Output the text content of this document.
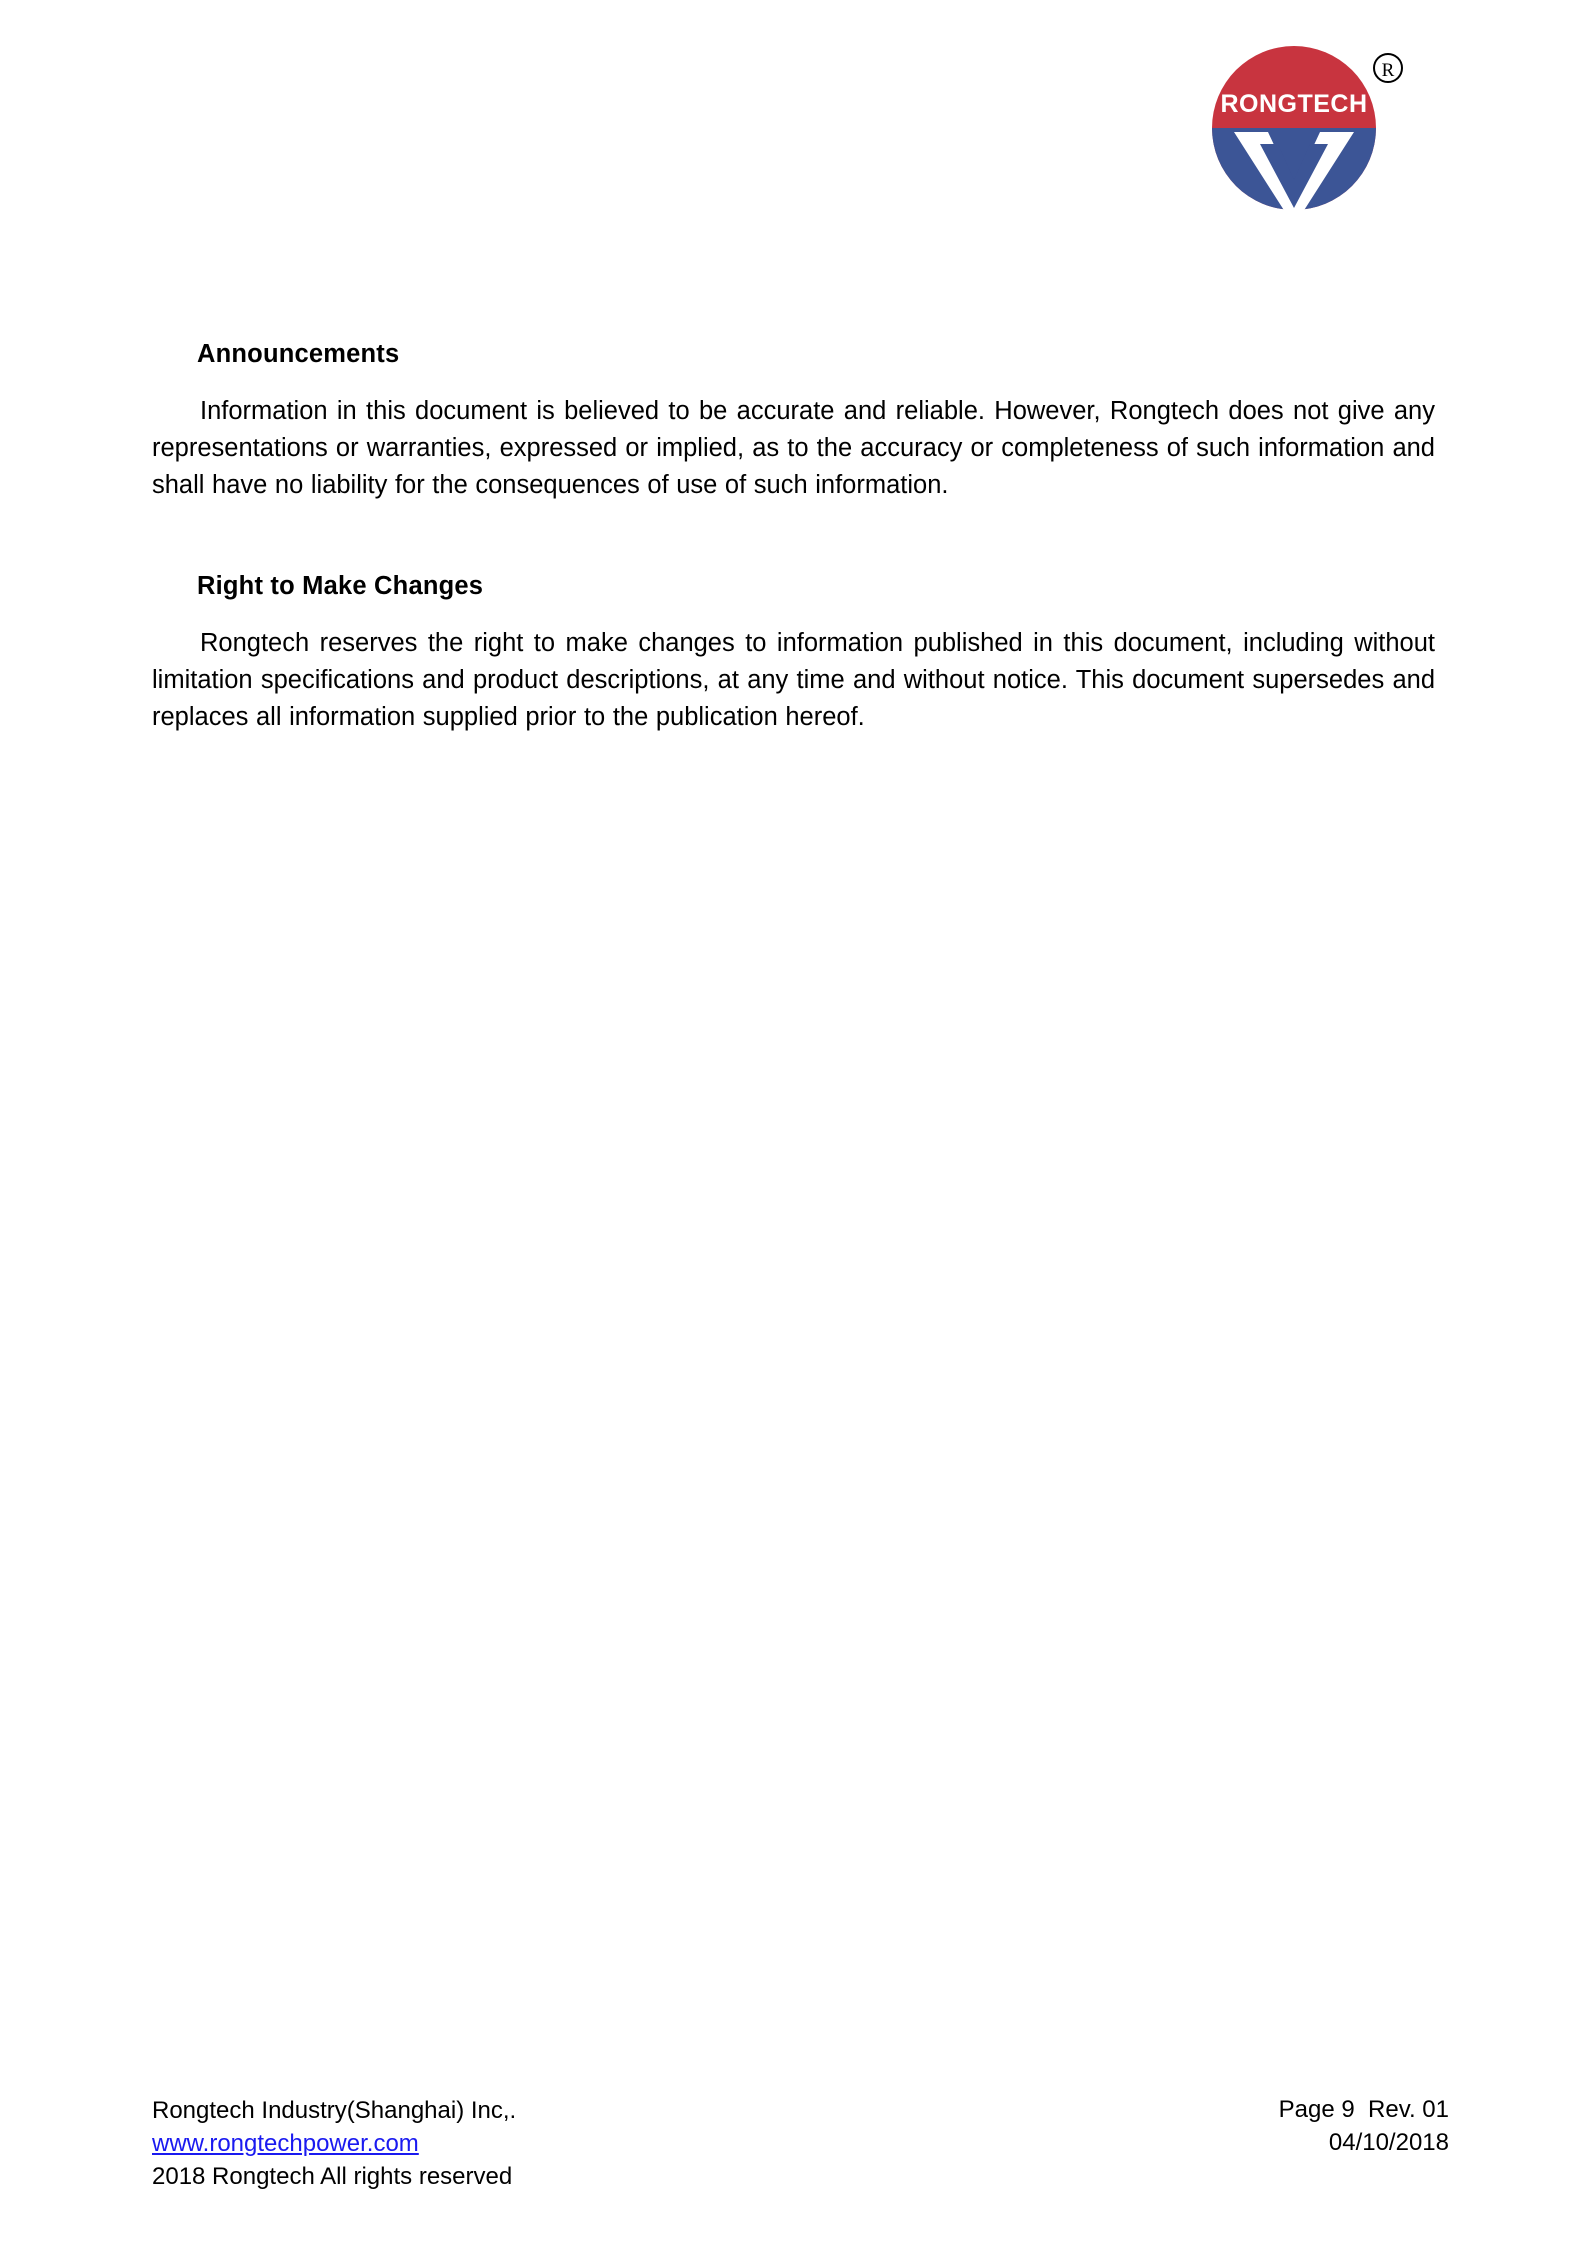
RONGTECH
R
Announcements

Information in this document is believed to be accurate and reliable. However, Rongtech does not give any representations or warranties, expressed or implied, as to the accuracy or completeness of such information and shall have no liability for the consequences of use of such information.

Right to Make Changes

Rongtech reserves the right to make changes to information published in this document, including without limitation specifications and product descriptions, at any time and without notice. This document supersedes and replaces all information supplied prior to the publication hereof.

Rongtech Industry(Shanghai) Inc,.
www.rongtechpower.com
2018 Rongtech All rights reserved
Page 9  Rev. 01
04/10/2018
